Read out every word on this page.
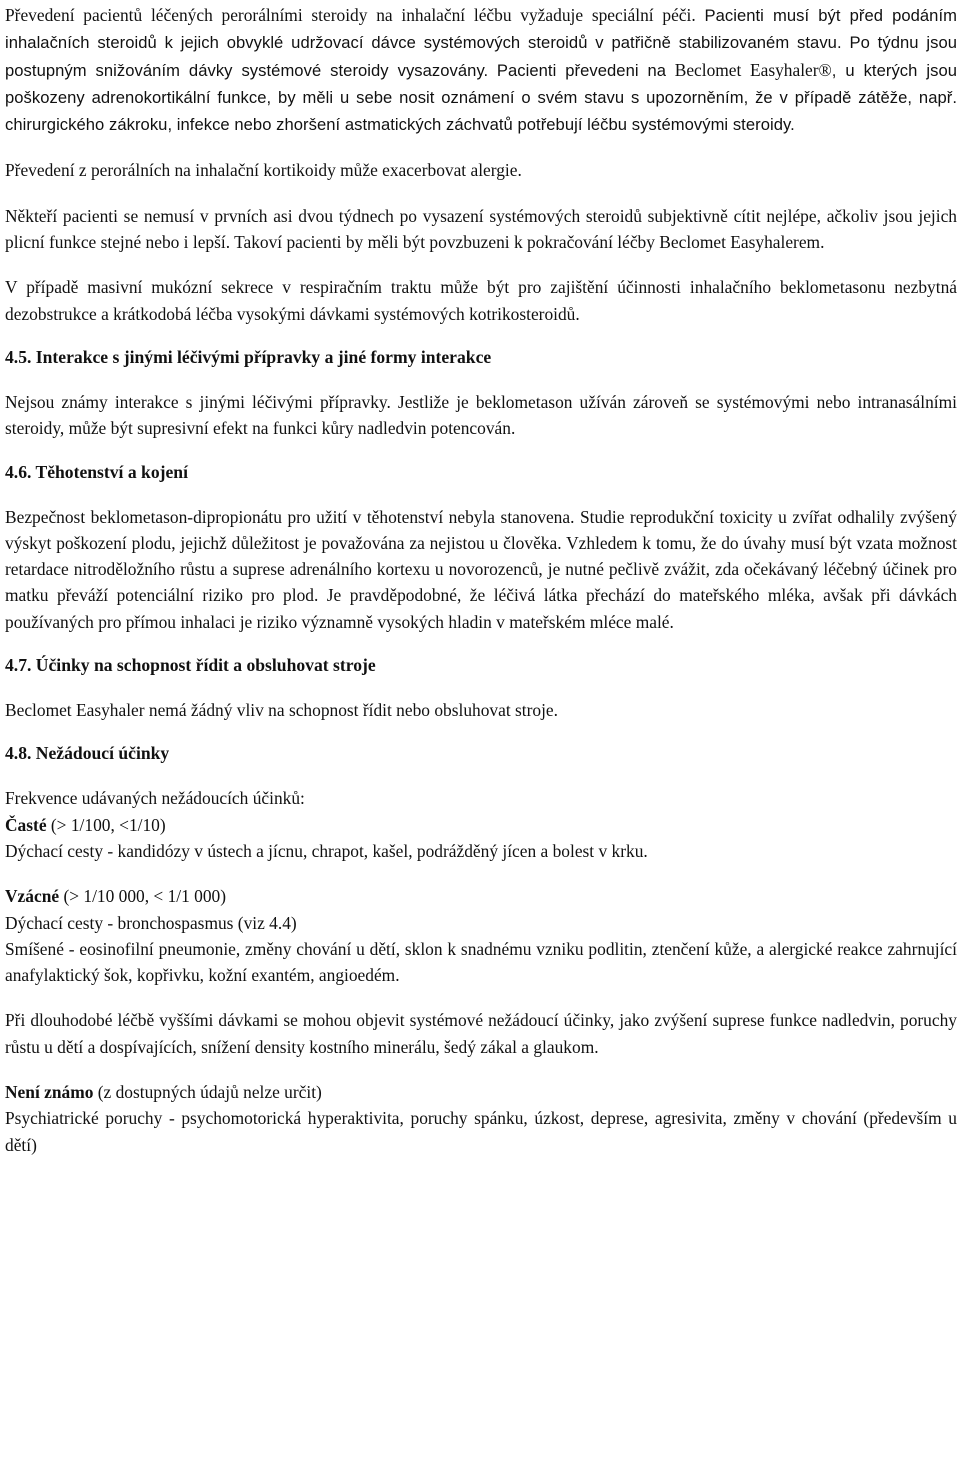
Převedení pacientů léčených perorálními steroidy na inhalační léčbu vyžaduje speciální péči. Pacienti musí být před podáním inhalačních steroidů k jejich obvyklé udržovací dávce systémových steroidů v patřičně stabilizovaném stavu. Po týdnu jsou postupným snižováním dávky systémové steroidy vysazovány. Pacienti převedeni na Beclomet Easyhaler®, u kterých jsou poškozeny adrenokortikální funkce, by měli u sebe nosit oznámení o svém stavu s upozorněním, že v případě zátěže, např. chirurgického zákroku, infekce nebo zhoršení astmatických záchvatů potřebují léčbu systémovými steroidy.

Převedení z perorálních na inhalační kortikoidy může exacerbovat alergie.

Někteří pacienti se nemusí v prvních asi dvou týdnech po vysazení systémových steroidů subjektivně cítit nejlépe, ačkoliv jsou jejich plicní funkce stejné nebo i lepší. Takoví pacienti by měli být povzbuzeni k pokračování léčby Beclomet Easyhalerem.

V případě masivní mukózní sekrece v respiračním traktu může být pro zajištění účinnosti inhalačního beklometasonu nezbytná dezobstrukce a krátkodobá léčba vysokými dávkami systémových kotrikosteroidů.

4.5. Interakce s jinými léčivými přípravky a jiné formy interakce

Nejsou známy interakce s jinými léčivými přípravky. Jestliže je beklometason užíván zároveň se systémovými nebo intranasálními steroidy, může být supresivní efekt na funkci kůry nadledvin potencován.

4.6. Těhotenství a kojení

Bezpečnost beklometason-dipropionátu pro užití v těhotenství nebyla stanovena. Studie reprodukční toxicity u zvířat odhalily zvýšený výskyt poškození plodu, jejichž důležitost je považována za nejistou u člověka. Vzhledem k tomu, že do úvahy musí být vzata možnost retardace nitroděložního růstu a suprese adrenálního kortexu u novorozenců, je nutné pečlivě zvážit, zda očekávaný léčebný účinek pro matku převáží potenciální riziko pro plod. Je pravděpodobné, že léčivá látka přechází do mateřského mléka, avšak při dávkách používaných pro přímou inhalaci je riziko významně vysokých hladin v mateřském mléce malé.

4.7. Účinky na schopnost řídit a obsluhovat stroje

Beclomet Easyhaler nemá žádný vliv na schopnost řídit nebo obsluhovat stroje.

4.8. Nežádoucí účinky

Frekvence udávaných nežádoucích účinků:
Časté (> 1/100, <1/10)
Dýchací cesty - kandidózy v ústech a jícnu, chrapot, kašel, podrážděný jícen a bolest v krku.

Vzácné (> 1/10 000, < 1/1 000)
Dýchací cesty - bronchospasmus (viz 4.4)
Smíšené - eosinofilní pneumonie, změny chování u dětí, sklon k snadnému vzniku podlitin, ztenčení kůže, a alergické reakce zahrnující anafylaktický šok, kopřivku, kožní exantém, angioedém.

Při dlouhodobé léčbě vyššími dávkami se mohou objevit systémové nežádoucí účinky, jako zvýšení suprese funkce nadledvin, poruchy růstu u dětí a dospívajících, snížení density kostního minerálu, šedý zákal a glaukom.

Není známo (z dostupných údajů nelze určit)
Psychiatrické poruchy - psychomotorická hyperaktivita, poruchy spánku, úzkost, deprese, agresivita, změny v chování (především u dětí)
